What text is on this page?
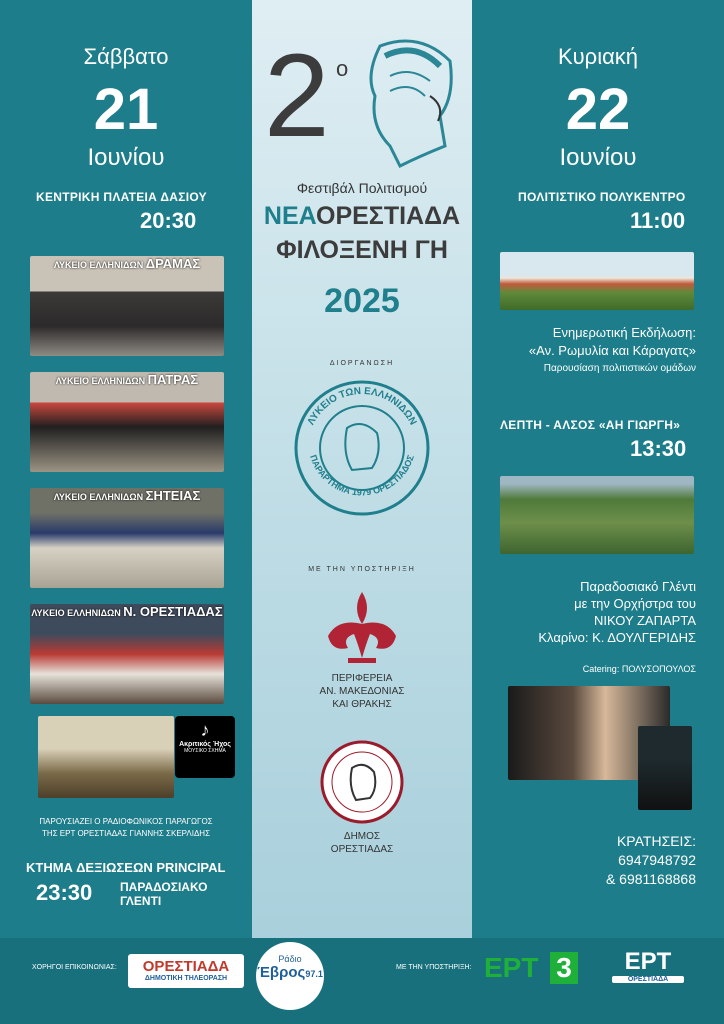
Σάββατο
21
Ιουνίου
ΚΕΝΤΡΙΚΗ ΠΛΑΤΕΙΑ ΔΑΣΙΟΥ
20:30
ΛΥΚΕΙΟ ΕΛΛΗΝΙΔΩΝ ΔΡΑΜΑΣ
ΛΥΚΕΙΟ ΕΛΛΗΝΙΔΩΝ ΠΑΤΡΑΣ
ΛΥΚΕΙΟ ΕΛΛΗΝΙΔΩΝ ΣΗΤΕΙΑΣ
ΛΥΚΕΙΟ ΕΛΛΗΝΙΔΩΝ Ν. ΟΡΕΣΤΙΑΔΑΣ
♪
Ακριτικός Ήχος
ΜΟΥΣΙΚΟ ΣΧΗΜΑ
ΠΑΡΟΥΣΙΑΖΕΙ Ο ΡΑΔΙΟΦΩΝΙΚΟΣ ΠΑΡΑΓΩΓΟΣ
ΤΗΣ ΕΡΤ ΟΡΕΣΤΙΑΔΑΣ ΓΙΑΝΝΗΣ ΣΚΕΡΛΙΔΗΣ
ΚΤΗΜΑ ΔΕΞΙΩΣΕΩΝ PRINCIPAL
23:30 ΠΑΡΑΔΟΣΙΑΚΟ
ΓΛΕΝΤΙ
2 ο
Φεστιβάλ Πολιτισμού
ΝΕΑΟΡΕΣΤΙΑΔΑ
ΦΙΛΟΞΕΝΗ ΓΗ
2025
ΔΙΟΡΓΑΝΩΣΗ
ΛΥΚΕΙΟ ΤΩΝ ΕΛΛΗΝΙΔΩΝ
ΠΑΡΑΡΤΗΜΑ 1979 ΟΡΕΣΤΙΑΔΟΣ
ΜΕ ΤΗΝ ΥΠΟΣΤΗΡΙΞΗ
ΠΕΡΙΦΕΡΕΙΑ
ΑΝ. ΜΑΚΕΔΟΝΙΑΣ
ΚΑΙ ΘΡΑΚΗΣ
ΔΗΜΟΣ
ΟΡΕΣΤΙΑΔΑΣ
Κυριακή
22
Ιουνίου
ΠΟΛΙΤΙΣΤΙΚΟ ΠΟΛΥΚΕΝΤΡΟ
11:00
Ενημερωτική Εκδήλωση:
«Αν. Ρωμυλία και Κάραγατς»
Παρουσίαση πολιτιστικών ομάδων
ΛΕΠΤΗ - ΑΛΣΟΣ «ΑΗ ΓΙΩΡΓΗ»
13:30
Παραδοσιακό Γλέντι
με την Ορχήστρα του
ΝΙΚΟΥ ΖΑΠΑΡΤΑ
Κλαρίνο: Κ. ΔΟΥΛΓΕΡΙΔΗΣ
Catering: ΠΟΛΥΣΟΠΟΥΛΟΣ
ΚΡΑΤΗΣΕΙΣ:
6947948792
& 6981168868
ΧΟΡΗΓΟΙ ΕΠΙΚΟΙΝΩΝΙΑΣ:	ΟΡΕΣΤΙΑΔΑ
ΔΗΜΟΤΙΚΗ ΤΗΛΕΟΡΑΣΗ
Ράδιο
Έβρος97.1
ΜΕ ΤΗΝ ΥΠΟΣΤΗΡΙΞΗ: ΕΡΤ 3	ΕΡΤ
ΟΡΕΣΤΙΑΔΑ
